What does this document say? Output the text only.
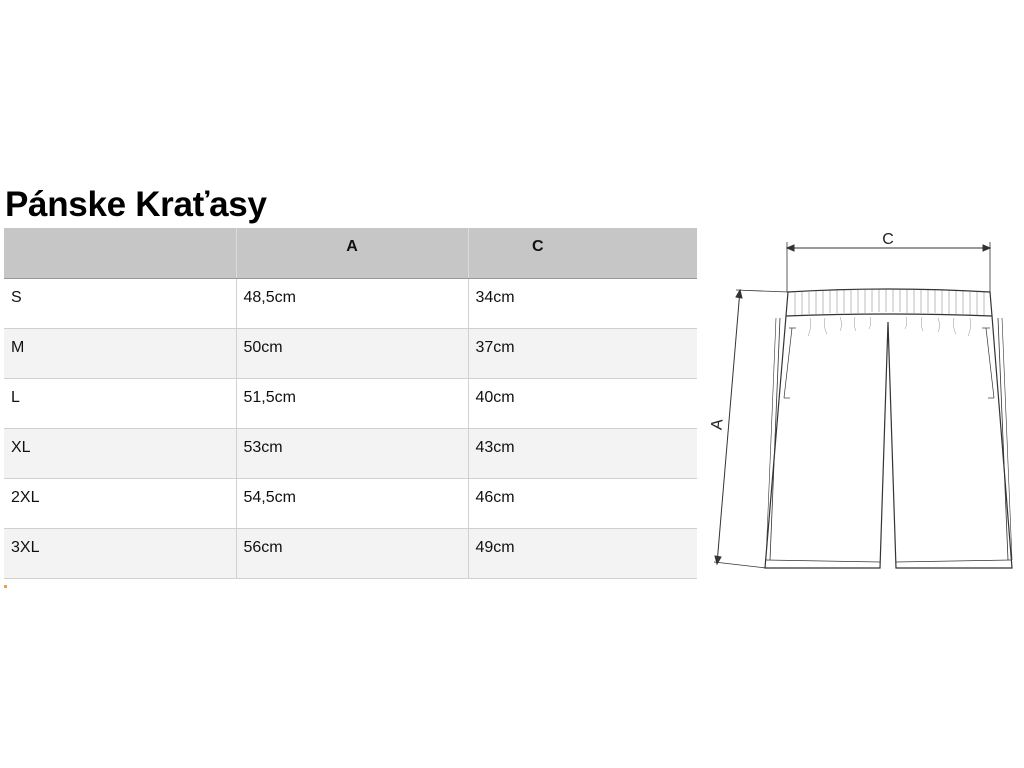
Pánske Kraťasy
	A	C
S	48,5cm	34cm
M	50cm	37cm
L	51,5cm	40cm
XL	53cm	43cm
2XL	54,5cm	46cm
3XL	56cm	49cm
C
A
